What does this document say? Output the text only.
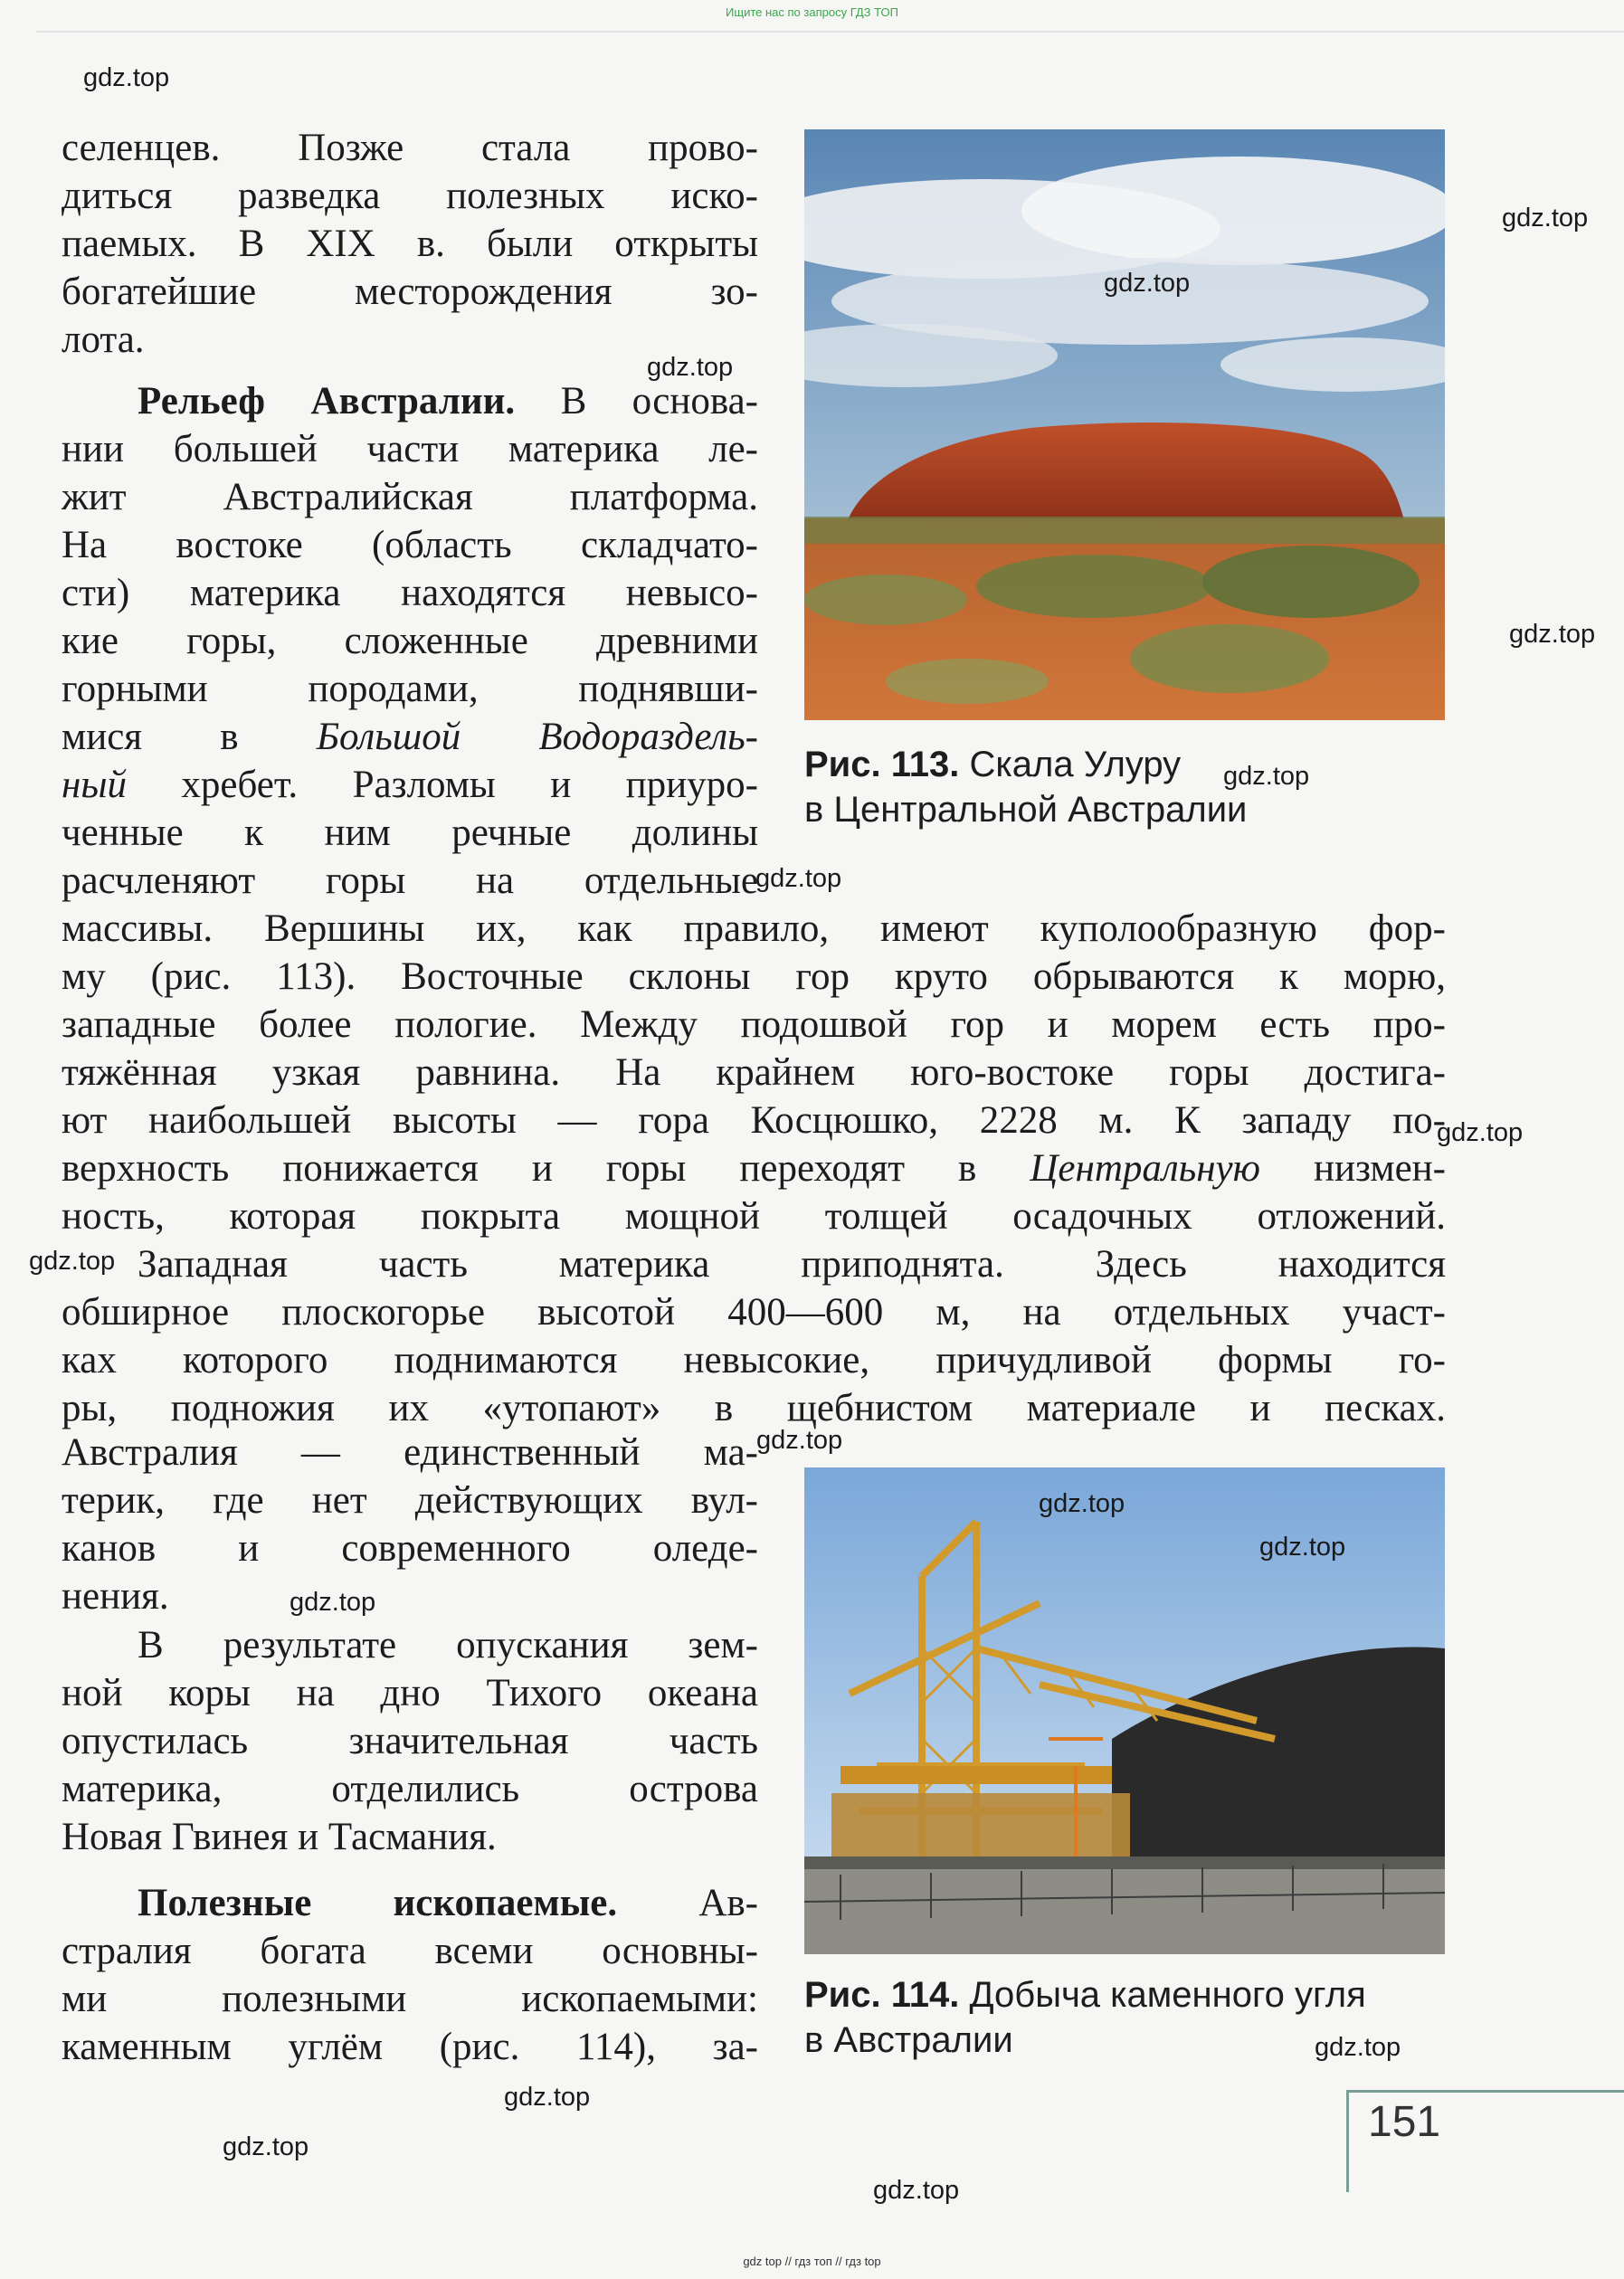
Ищите нас по запросу ГДЗ ТОП
селенцев. Позже стала прово-
диться разведка полезных иско-
паемых. В XIX в. были открыты
богатейшие месторождения зо-
лота.
Рельеф Австралии. В основа-
нии большей части материка ле-
жит Австралийская платформа.
На востоке (область складчато-
сти) материка находятся невысо-
кие горы, сложенные древними
горными породами, поднявши-
мися в Большой Водораздель-
ный хребет. Разломы и приуро-
ченные к ним речные долины
расчленяют горы на отдельные
массивы. Вершины их, как правило, имеют куполообразную фор-
му (рис. 113). Восточные склоны гор круто обрываются к морю,
западные более пологие. Между подошвой гор и морем есть про-
тяжённая узкая равнина. На крайнем юго-востоке горы достига-
ют наибольшей высоты — гора Косцюшко, 2228 м. К западу по-
верхность понижается и горы переходят в Центральную низмен-
ность, которая покрыта мощной толщей осадочных отложений.
Западная часть материка приподнята. Здесь находится
обширное плоскогорье высотой 400—600 м, на отдельных участ-
ках которого поднимаются невысокие, причудливой формы го-
ры, подножия их «утопают» в щебнистом материале и песках.
Австралия — единственный ма-
терик, где нет действующих вул-
канов и современного оледе-
нения.
В результате опускания зем-
ной коры на дно Тихого океана
опустилась значительная часть
материка, отделились острова
Новая Гвинея и Тасмания.
Полезные ископаемые. Ав-
стралия богата всеми основны-
ми полезными ископаемыми:
каменным углём (рис. 114), за-
Рис. 113. Скала Улуру
в Центральной Австралии
Рис. 114. Добыча каменного угля
в Австралии
151
gdz.top
gdz.top
gdz.top
gdz.top
gdz.top
gdz.top
gdz.top
gdz.top
gdz.top
gdz.top
gdz.top
gdz.top
gdz.top
gdz.top
gdz.top
gdz.top
gdz.top
gdz top // гдз топ // гдз top
